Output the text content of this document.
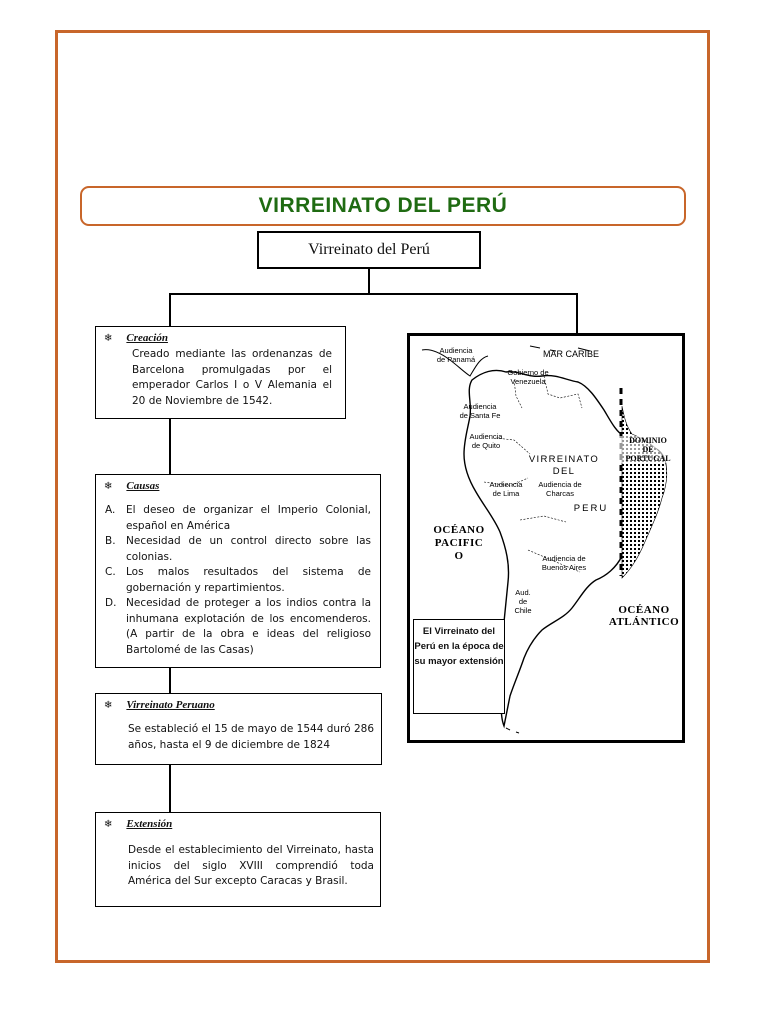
VIRREINATO DEL PERÚ
Virreinato del Perú
❄ Creación
Creado mediante las ordenanzas de Barcelona promulgadas por el emperador Carlos I o V Alemania el 20 de Noviembre de 1542.
❄ Causas
A. El deseo de organizar el Imperio Colonial, español en América
B. Necesidad de un control directo sobre las colonias.
C. Los malos resultados del sistema de gobernación y repartimientos.
D. Necesidad de proteger a los indios contra la inhumana explotación de los encomenderos. (A partir de la obra e ideas del religioso Bartolomé de las Casas)
❄ Virreinato Peruano
Se estableció el 15 de mayo de 1544 duró 286 años, hasta el 9 de diciembre de 1824
❄ Extensión
Desde el establecimiento del Virreinato, hasta inicios del siglo XVIII comprendió toda América del Sur excepto Caracas y Brasil.
Audiencia
de Panamá
MAR CARIBE
Gobierno de
Venezuela
Audiencia
de Santa Fe
Audiencia
de Quito
DOMINIO
DE
PORTUGAL
VIRREINATO
DEL
PERU
Audiencia
de Lima
Audiencia de
Charcas
OCÉANO
PACIFIC
O	Audiencia de
Buenos Aires
Aud.
de
Chile	OCÉANO
ATLÁNTICO
El Virreinato del Perú en la época de su mayor extensión
